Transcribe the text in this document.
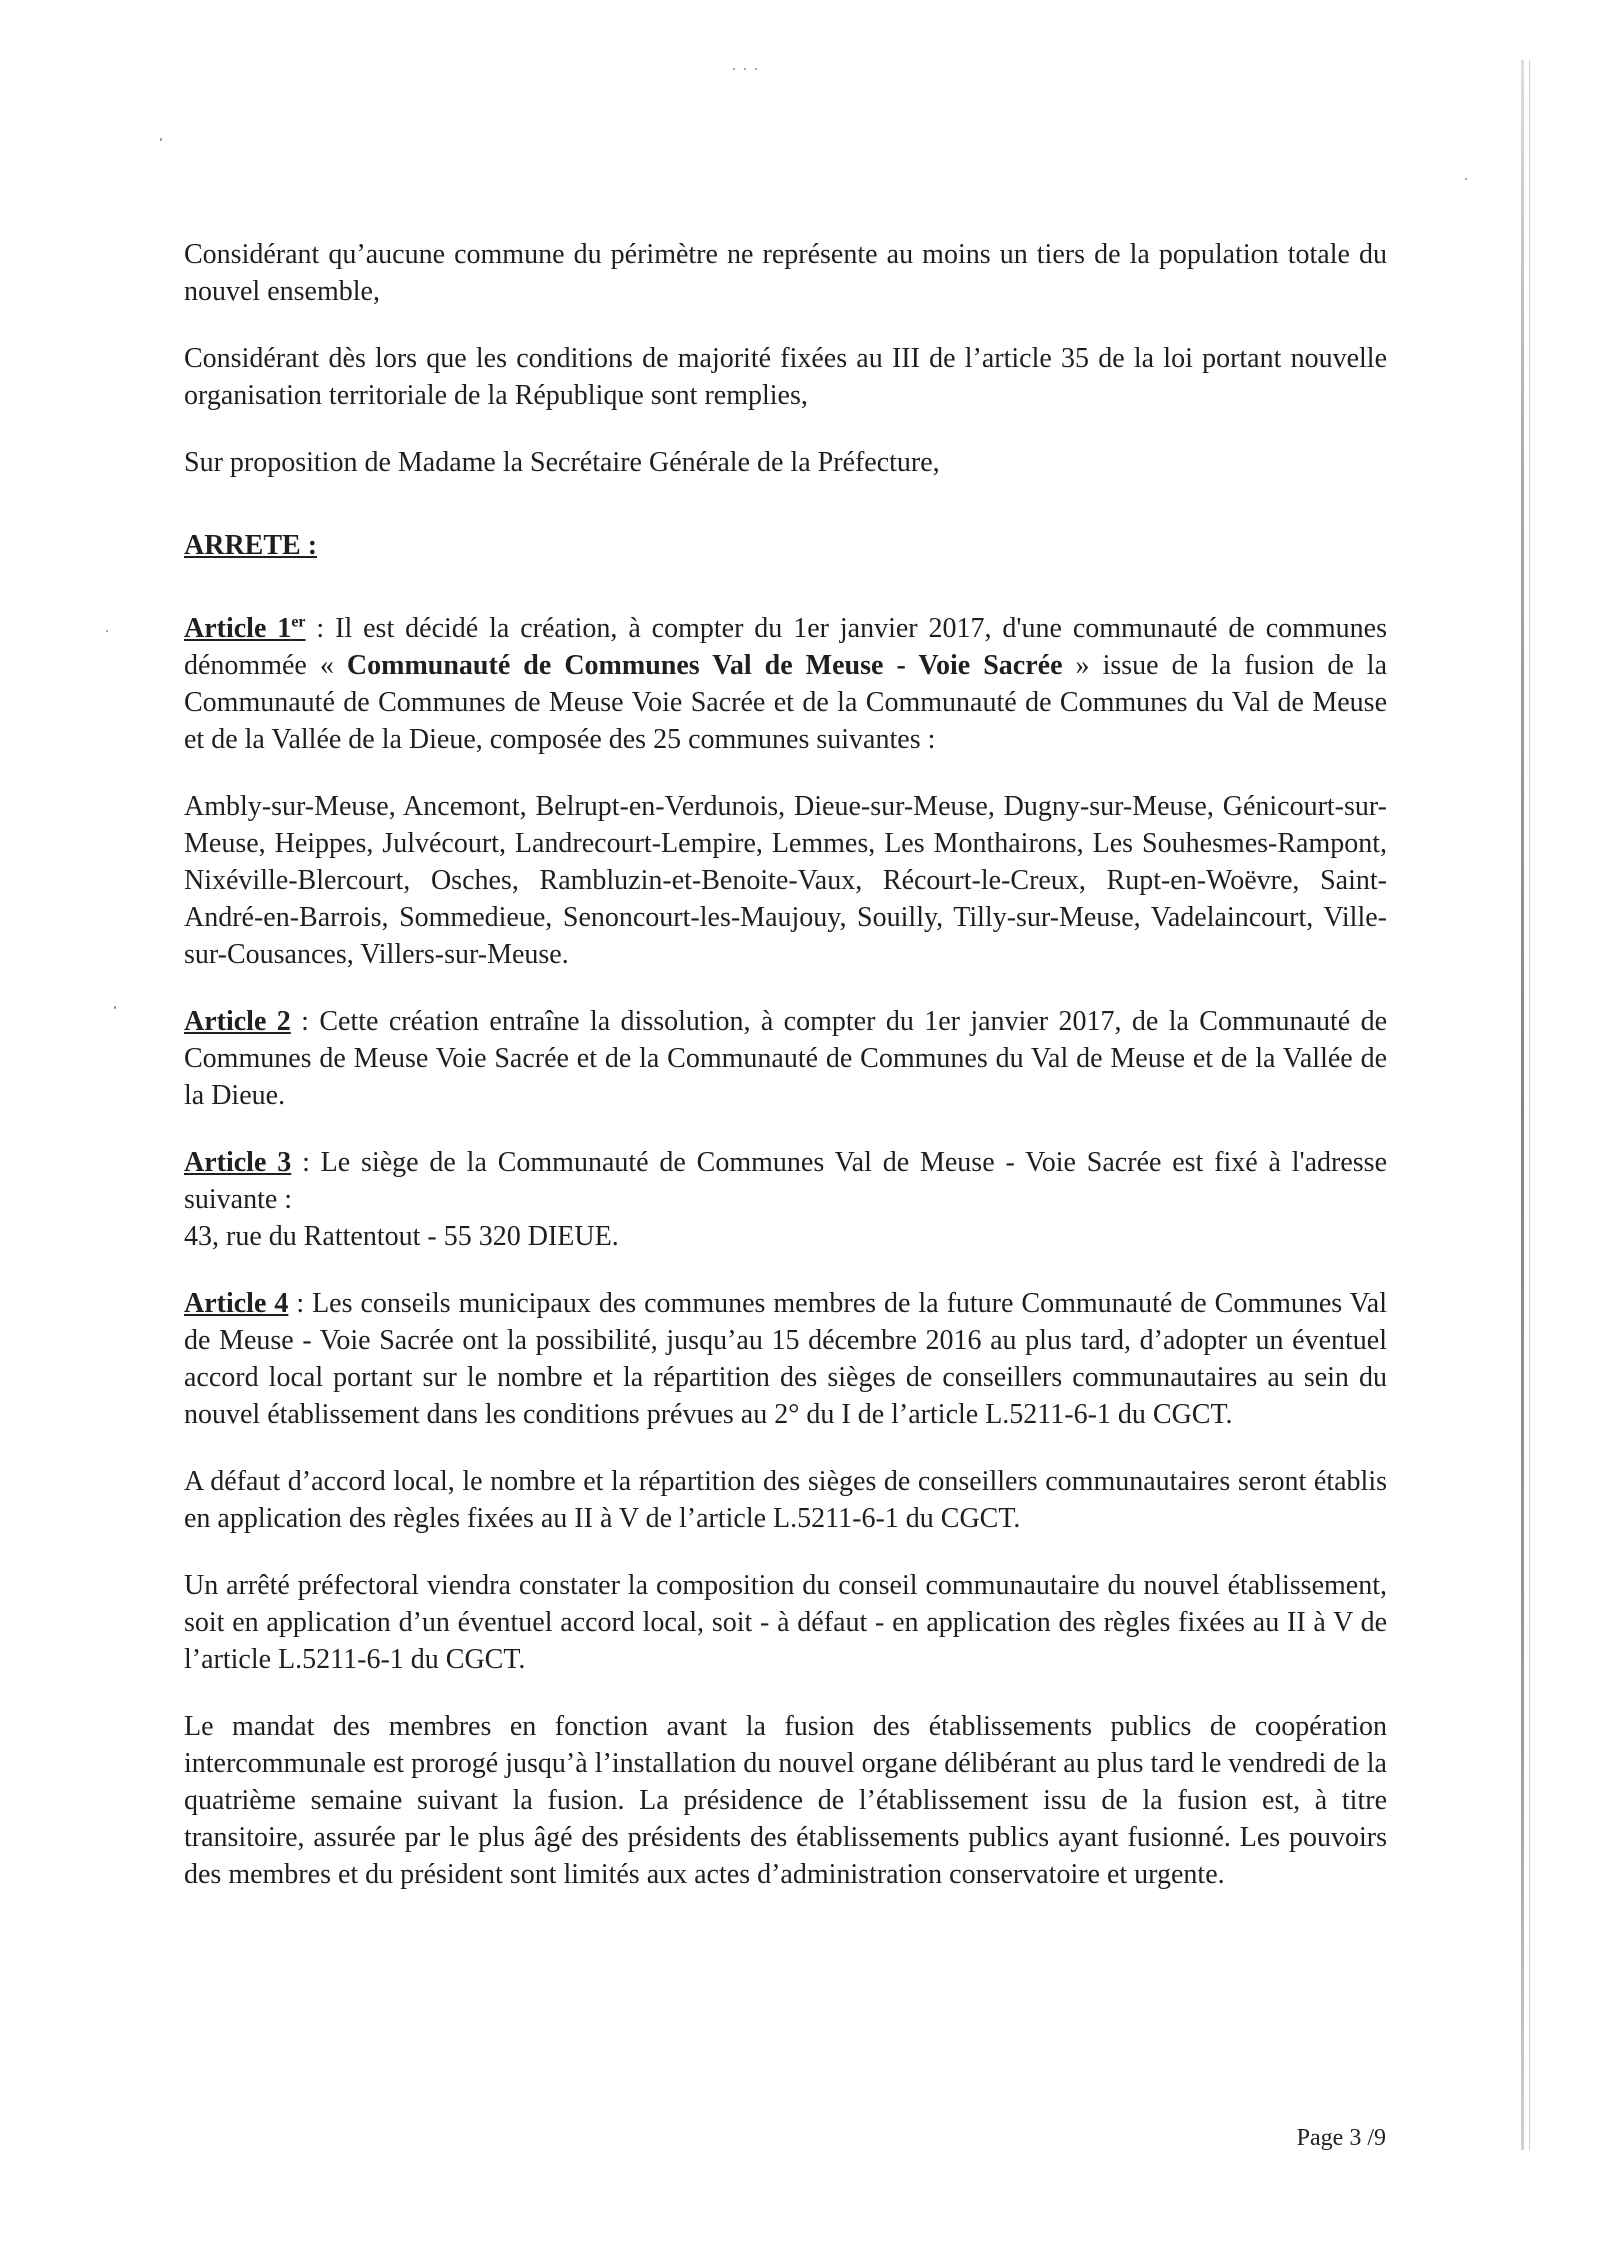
Considérant qu’aucune commune du périmètre ne représente au moins un tiers de la population totale du nouvel ensemble,

Considérant dès lors que les conditions de majorité fixées au III de l’article 35 de la loi portant nouvelle organisation territoriale de la République sont remplies,

Sur proposition de Madame la Secrétaire Générale de la Préfecture,

ARRETE :

Article 1er : Il est décidé la création, à compter du 1er janvier 2017, d'une communauté de communes dénommée « Communauté de Communes Val de Meuse - Voie Sacrée » issue de la fusion de la Communauté de Communes de Meuse Voie Sacrée et de la Communauté de Communes du Val de Meuse et de la Vallée de la Dieue, composée des 25 communes suivantes :

Ambly-sur-Meuse, Ancemont, Belrupt-en-Verdunois, Dieue-sur-Meuse, Dugny-sur-Meuse, Génicourt-sur-Meuse, Heippes, Julvécourt, Landrecourt-Lempire, Lemmes, Les Monthairons, Les Souhesmes-Rampont, Nixéville-Blercourt, Osches, Rambluzin-et-Benoite-Vaux, Récourt-le-Creux, Rupt-en-Woëvre, Saint-André-en-Barrois, Sommedieue, Senoncourt-les-Maujouy, Souilly, Tilly-sur-Meuse, Vadelaincourt, Ville-sur-Cousances, Villers-sur-Meuse.

Article 2 : Cette création entraîne la dissolution, à compter du 1er janvier 2017, de la Communauté de Communes de Meuse Voie Sacrée et de la Communauté de Communes du Val de Meuse et de la Vallée de la Dieue.

Article 3 : Le siège de la Communauté de Communes Val de Meuse - Voie Sacrée est fixé à l'adresse suivante :

43, rue du Rattentout - 55 320 DIEUE.

Article 4 : Les conseils municipaux des communes membres de la future Communauté de Communes Val de Meuse - Voie Sacrée ont la possibilité, jusqu’au 15 décembre 2016 au plus tard, d’adopter un éventuel accord local portant sur le nombre et la répartition des sièges de conseillers communautaires au sein du nouvel établissement dans les conditions prévues au 2° du I de l’article L.5211-6-1 du CGCT.

A défaut d’accord local, le nombre et la répartition des sièges de conseillers communautaires seront établis en application des règles fixées au II à V de l’article L.5211-6-1 du CGCT.

Un arrêté préfectoral viendra constater la composition du conseil communautaire du nouvel établissement, soit en application d’un éventuel accord local, soit - à défaut - en application des règles fixées au II à V de l’article L.5211-6-1 du CGCT.

Le mandat des membres en fonction avant la fusion des établissements publics de coopération intercommunale est prorogé jusqu’à l’installation du nouvel organe délibérant au plus tard le vendredi de la quatrième semaine suivant la fusion. La présidence de l’établissement issu de la fusion est, à titre transitoire, assurée par le plus âgé des présidents des établissements publics ayant fusionné. Les pouvoirs des membres et du président sont limités aux actes d’administration conservatoire et urgente.

Page 3 /9
